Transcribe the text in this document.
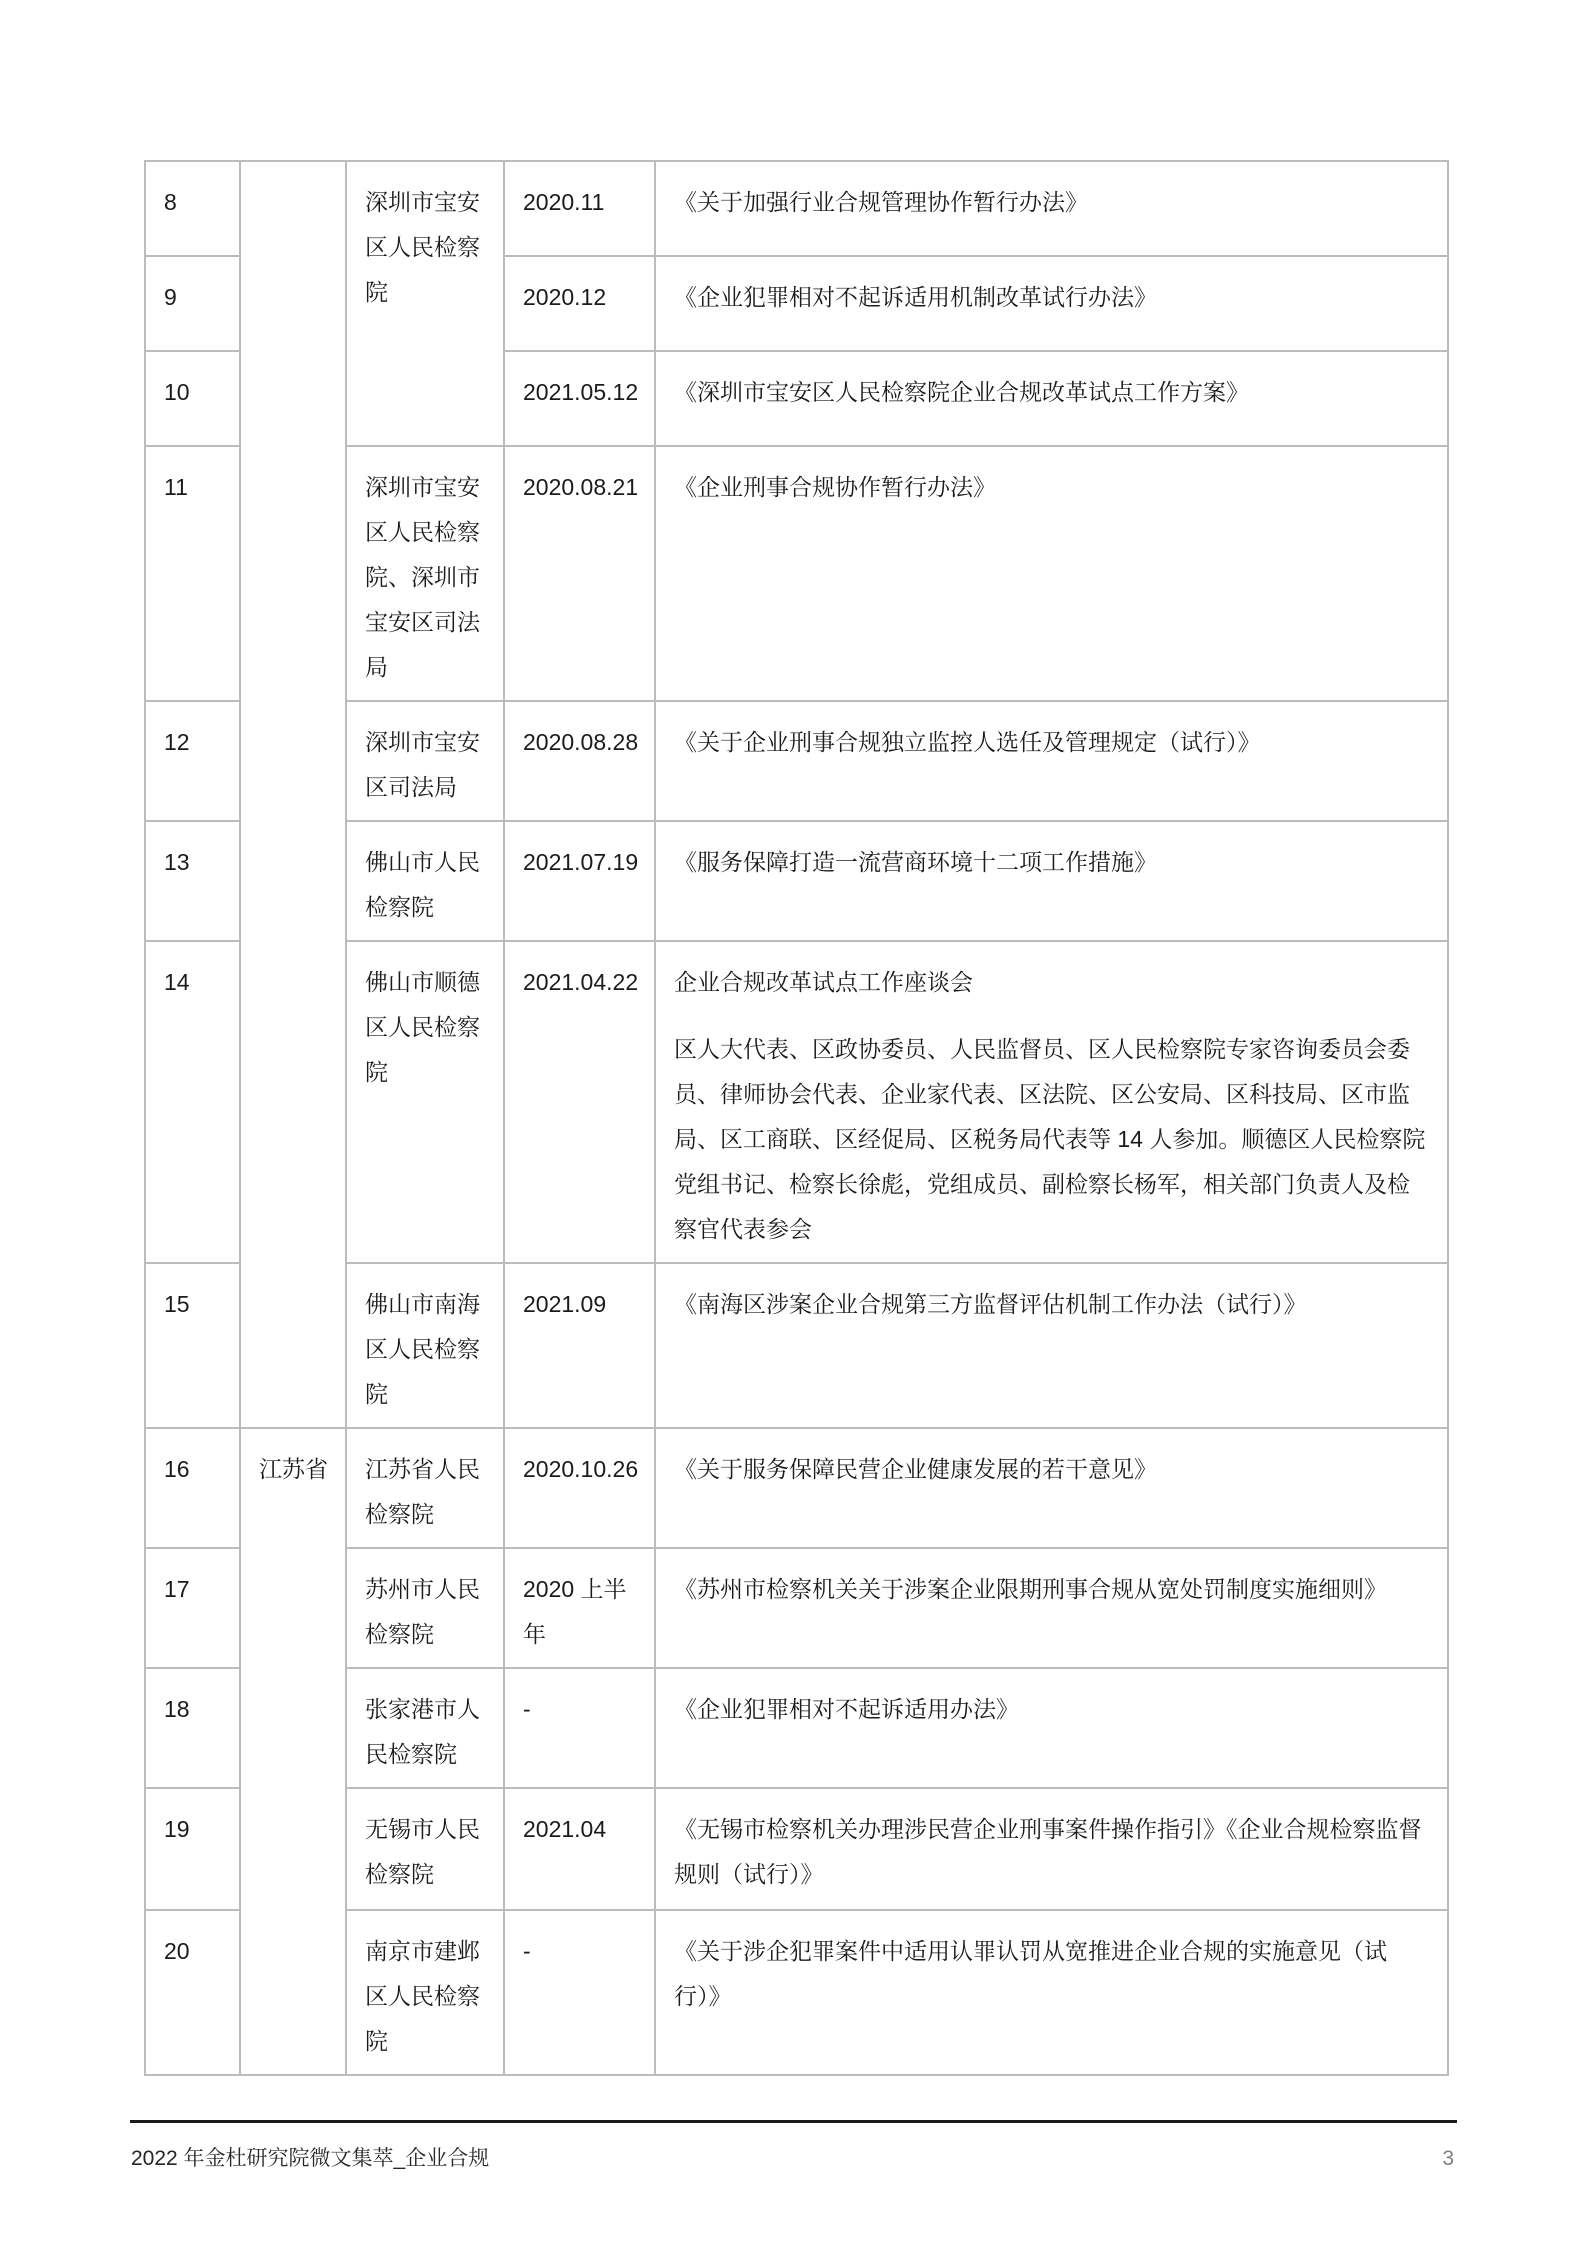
8		深圳市宝安区人民检察院	2020.11	《关于加强行业合规管理协作暂行办法》
9			2020.12	《企业犯罪相对不起诉适用机制改革试行办法》
10			2021.05.12	《深圳市宝安区人民检察院企业合规改革试点工作方案》
11		深圳市宝安区人民检察院、深圳市宝安区司法局	2020.08.21	《企业刑事合规协作暂行办法》
12		深圳市宝安区司法局	2020.08.28	《关于企业刑事合规独立监控人选任及管理规定（试行）》
13		佛山市人民检察院	2021.07.19	《服务保障打造一流营商环境十二项工作措施》
14		佛山市顺德区人民检察院	2021.04.22	企业合规改革试点工作座谈会
区人大代表、区政协委员、人民监督员、区人民检察院专家咨询委员会委员、律师协会代表、企业家代表、区法院、区公安局、区科技局、区市监局、区工商联、区经促局、区税务局代表等 14 人参加。顺德区人民检察院党组书记、检察长徐彪，党组成员、副检察长杨军，相关部门负责人及检察官代表参会

15		佛山市南海区人民检察院	2021.09	《南海区涉案企业合规第三方监督评估机制工作办法（试行）》
16	江苏省	江苏省人民检察院	2020.10.26	《关于服务保障民营企业健康发展的若干意见》
17		苏州市人民检察院	2020 上半年	《苏州市检察机关关于涉案企业限期刑事合规从宽处罚制度实施细则》
18		张家港市人民检察院	-	《企业犯罪相对不起诉适用办法》
19		无锡市人民检察院	2021.04	《无锡市检察机关办理涉民营企业刑事案件操作指引》《企业合规检察监督规则（试行）》
20		南京市建邺区人民检察院	-	《关于涉企犯罪案件中适用认罪认罚从宽推进企业合规的实施意见（试行）》
2022 年金杜研究院微文集萃_企业合规	3
